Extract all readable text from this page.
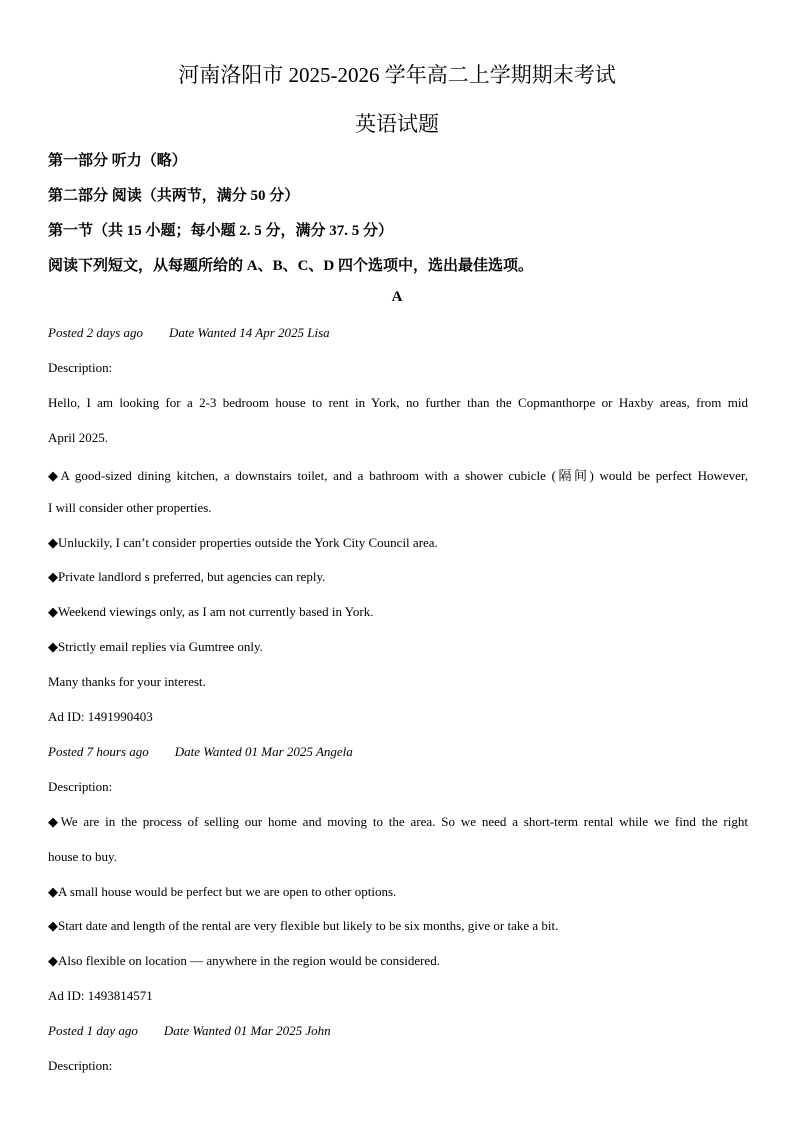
河南洛阳市 2025-2026 学年高二上学期期末考试
英语试题
第一部分 听力（略）
第二部分 阅读（共两节，满分 50 分）
第一节（共 15 小题；每小题 2. 5 分，满分 37. 5 分）
阅读下列短文，从每题所给的 A、B、C、D 四个选项中，选出最佳选项。
A
Posted 2 days ago Date Wanted 14 Apr 2025 Lisa
Description:
Hello, I am looking for a 2-3 bedroom house to rent in York, no further than the Copmanthorpe or Haxby areas, from mid
April 2025.
◆A good-sized dining kitchen, a downstairs toilet, and a bathroom with a shower cubicle (隔间) would be perfect However,
I will consider other properties.
◆Unluckily, I can’t consider properties outside the York City Council area.
◆Private landlord s preferred, but agencies can reply.
◆Weekend viewings only, as I am not currently based in York.
◆Strictly email replies via Gumtree only.
Many thanks for your interest.
Ad ID: 1491990403
Posted 7 hours ago Date Wanted 01 Mar 2025 Angela
Description:
◆We are in the process of selling our home and moving to the area. So we need a short-term rental while we find the right
house to buy.
◆A small house would be perfect but we are open to other options.
◆Start date and length of the rental are very flexible but likely to be six months, give or take a bit.
◆Also flexible on location — anywhere in the region would be considered.
Ad ID: 1493814571
Posted 1 day ago Date Wanted 01 Mar 2025 John
Description:
